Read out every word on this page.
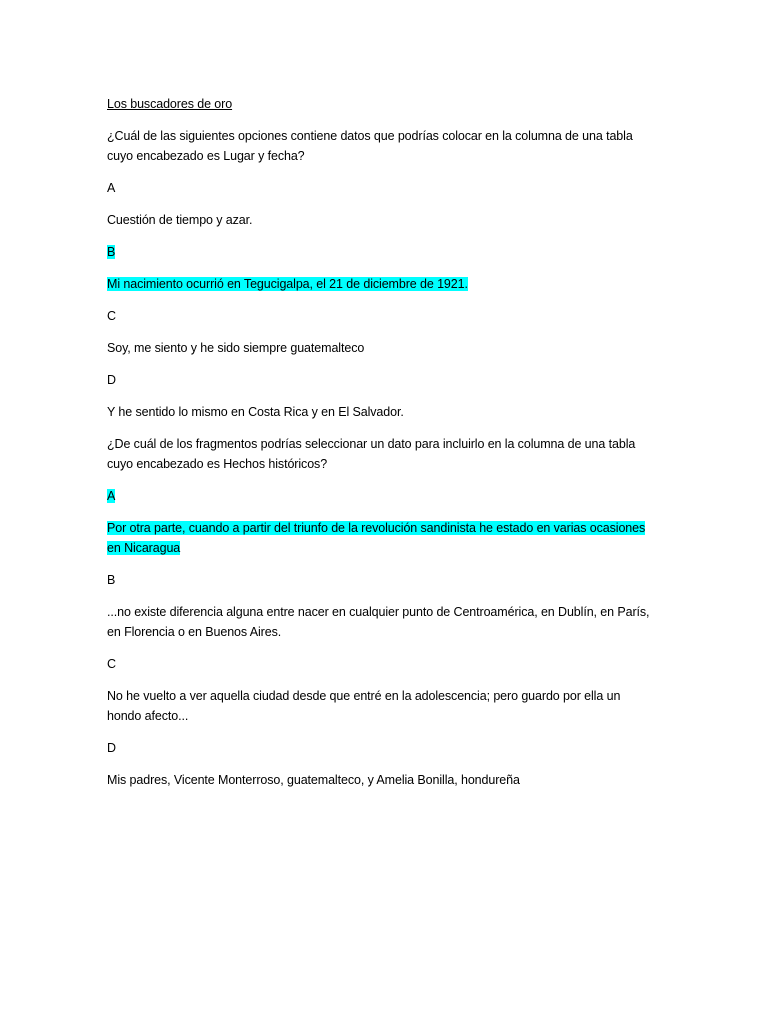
Los buscadores de oro

¿Cuál de las siguientes opciones contiene datos que podrías colocar en la columna de una tabla cuyo encabezado es Lugar y fecha?

A

Cuestión de tiempo y azar.

B

Mi nacimiento ocurrió en Tegucigalpa, el 21 de diciembre de 1921.

C

Soy, me siento y he sido siempre guatemalteco

D

Y he sentido lo mismo en Costa Rica y en El Salvador.

¿De cuál de los fragmentos podrías seleccionar un dato para incluirlo en la columna de una tabla cuyo encabezado es Hechos históricos?

A

Por otra parte, cuando a partir del triunfo de la revolución sandinista he estado en varias ocasiones en Nicaragua

B

...no existe diferencia alguna entre nacer en cualquier punto de Centroamérica, en Dublín, en París, en Florencia o en Buenos Aires.

C

No he vuelto a ver aquella ciudad desde que entré en la adolescencia; pero guardo por ella un hondo afecto...

D

Mis padres, Vicente Monterroso, guatemalteco, y Amelia Bonilla, hondureña
